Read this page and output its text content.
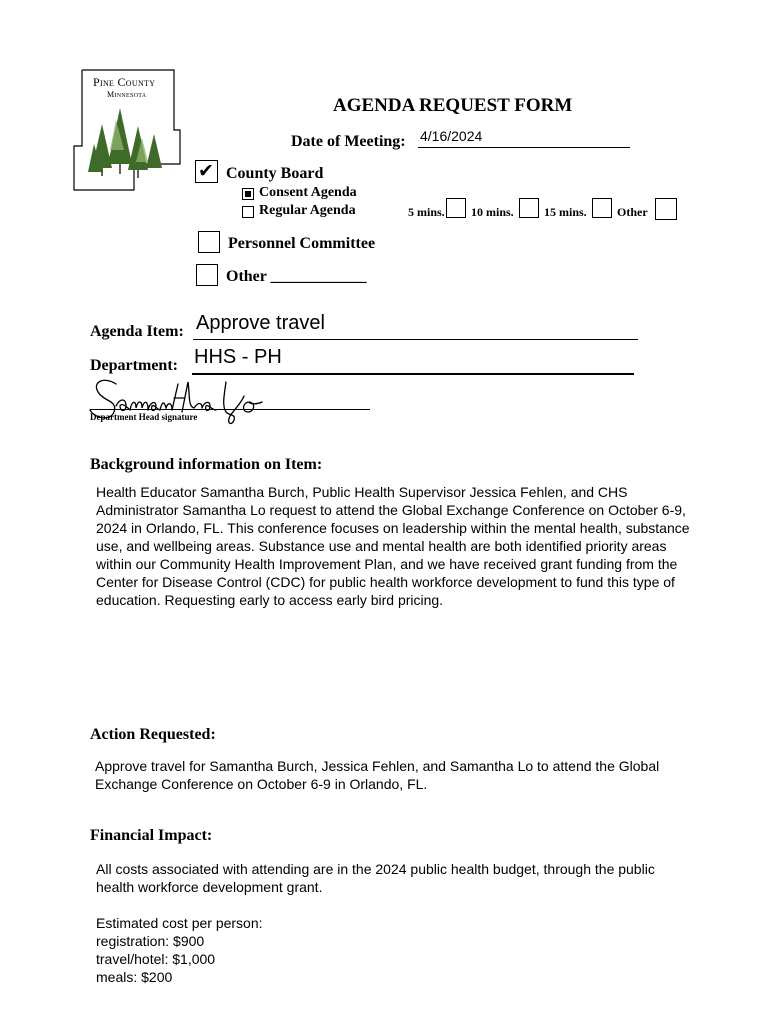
Pine County
Minnesota
AGENDA REQUEST FORM
Date of Meeting: 4/16/2024
✔ County Board
Consent Agenda
Regular Agenda	5 mins. 10 mins.	15 mins.	Other
Personnel Committee
Other ____________
Agenda Item: Approve travel
Department: HHS - PH
Department Head signature
Background information on Item:
Health Educator Samantha Burch, Public Health Supervisor Jessica Fehlen, and CHS
Administrator Samantha Lo request to attend the Global Exchange Conference on October 6-9,
2024 in Orlando, FL. This conference focuses on leadership within the mental health, substance
use, and wellbeing areas. Substance use and mental health are both identified priority areas
within our Community Health Improvement Plan, and we have received grant funding from the
Center for Disease Control (CDC) for public health workforce development to fund this type of
education. Requesting early to access early bird pricing.
Action Requested:
Approve travel for Samantha Burch, Jessica Fehlen, and Samantha Lo to attend the Global
Exchange Conference on October 6-9 in Orlando, FL.
Financial Impact:
All costs associated with attending are in the 2024 public health budget, through the public
health workforce development grant.
Estimated cost per person:
registration: $900
travel/hotel: $1,000
meals: $200
